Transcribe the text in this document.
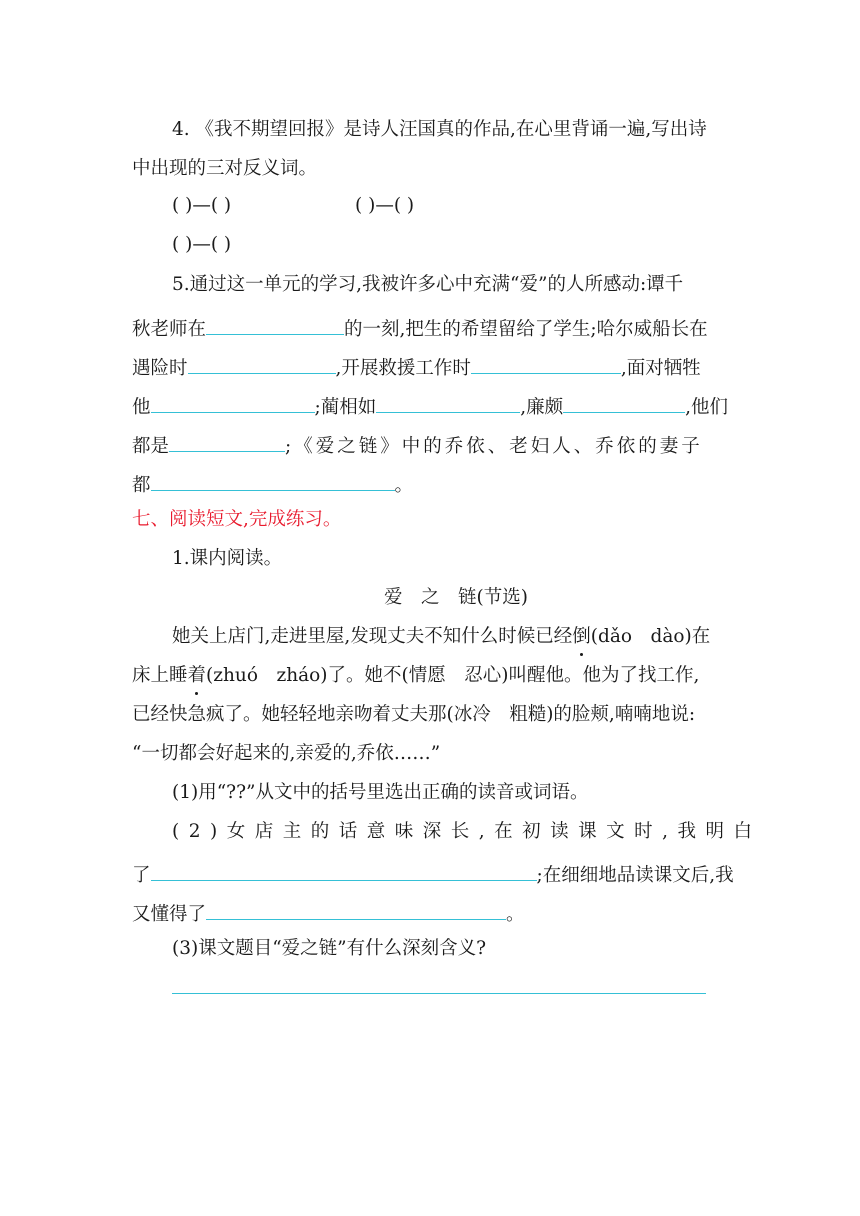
4. 《我不期望回报》是诗人汪国真的作品,在心里背诵一遍,写出诗
中出现的三对反义词。
( )—( )	( )—( )
( )—( )
5.通过这一单元的学习,我被许多心中充满“爱”的人所感动:谭千
秋老师在	的一刻,把生的希望留给了学生;哈尔威船长在
遇险时	,开展救援工作时	,面对牺牲
他	;蔺相如	,廉颇	,他们
都是	;《爱之链》中的乔依、老妇人、乔依的妻子
都	。
七、阅读短文,完成练习。
1.课内阅读。
爱　之　链(节选)
她关上店门,走进里屋,发现丈夫不知什么时候已经倒(dǎo　dào)在
床上睡着(zhuó　zháo)了。她不(情愿　忍心)叫醒他。他为了找工作,
已经快急疯了。她轻轻地亲吻着丈夫那(冰冷　粗糙)的脸颊,喃喃地说:
“一切都会好起来的,亲爱的,乔依……”
(1)用“??”从文中的括号里选出正确的读音或词语。
(2)女店主的话意味深长,在初读课文时,我明白
了	;在细细地品读课文后,我
又懂得了	。
(3)课文题目“爱之链”有什么深刻含义?
